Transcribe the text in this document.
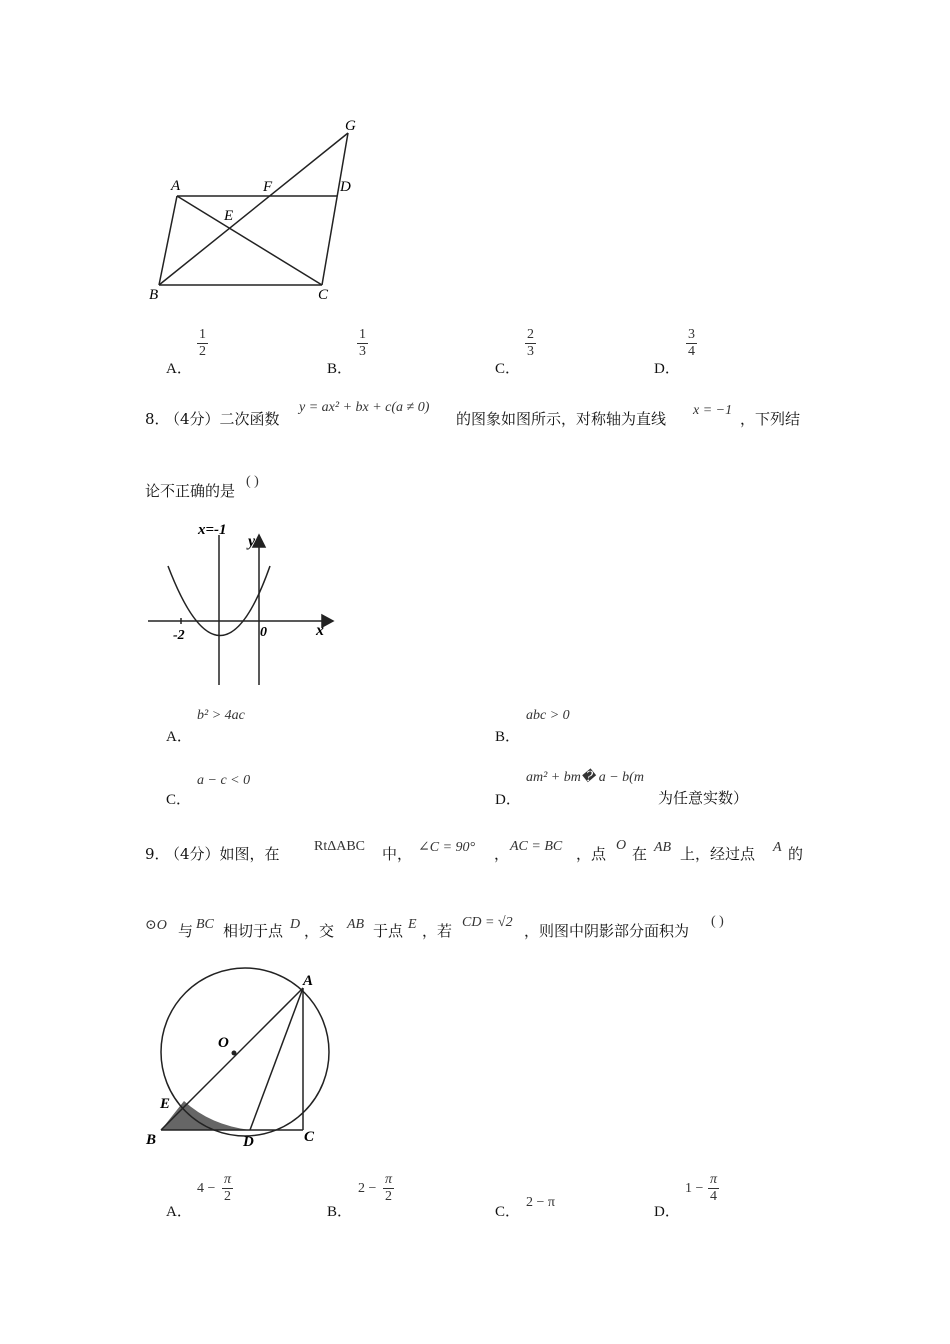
G
A	F	D
E
B	C
A．
1
2
B．
1
3
C．
2
3
D．
3
4
8．
（4分）二次函数
y = ax² + bx + c(a ≠ 0)
的图象如图所示，对称轴为直线 x = −1 ，下列结
论不正确的是
( )
x=-1
y
x
-2	0
A．
b² > 4ac
B．
abc > 0
C．
a − c < 0
D．
am² + bm� a − b(m
为任意实数）
9．
（4分）如图，在 RtΔABC 中， ∠C = 90° ， AC = BC ，点 O 在 AB 上，经过点 A 的
⊙O 与 BC 相切于点 D ，交 AB 于点 E ，若 CD = √2 ，则图中阴影部分面积为
( )
A
O
E
B	D	C
A．
4 −
π
2
B．
2 −
π
2
C．
2 − π
D．
1 −
π
4
